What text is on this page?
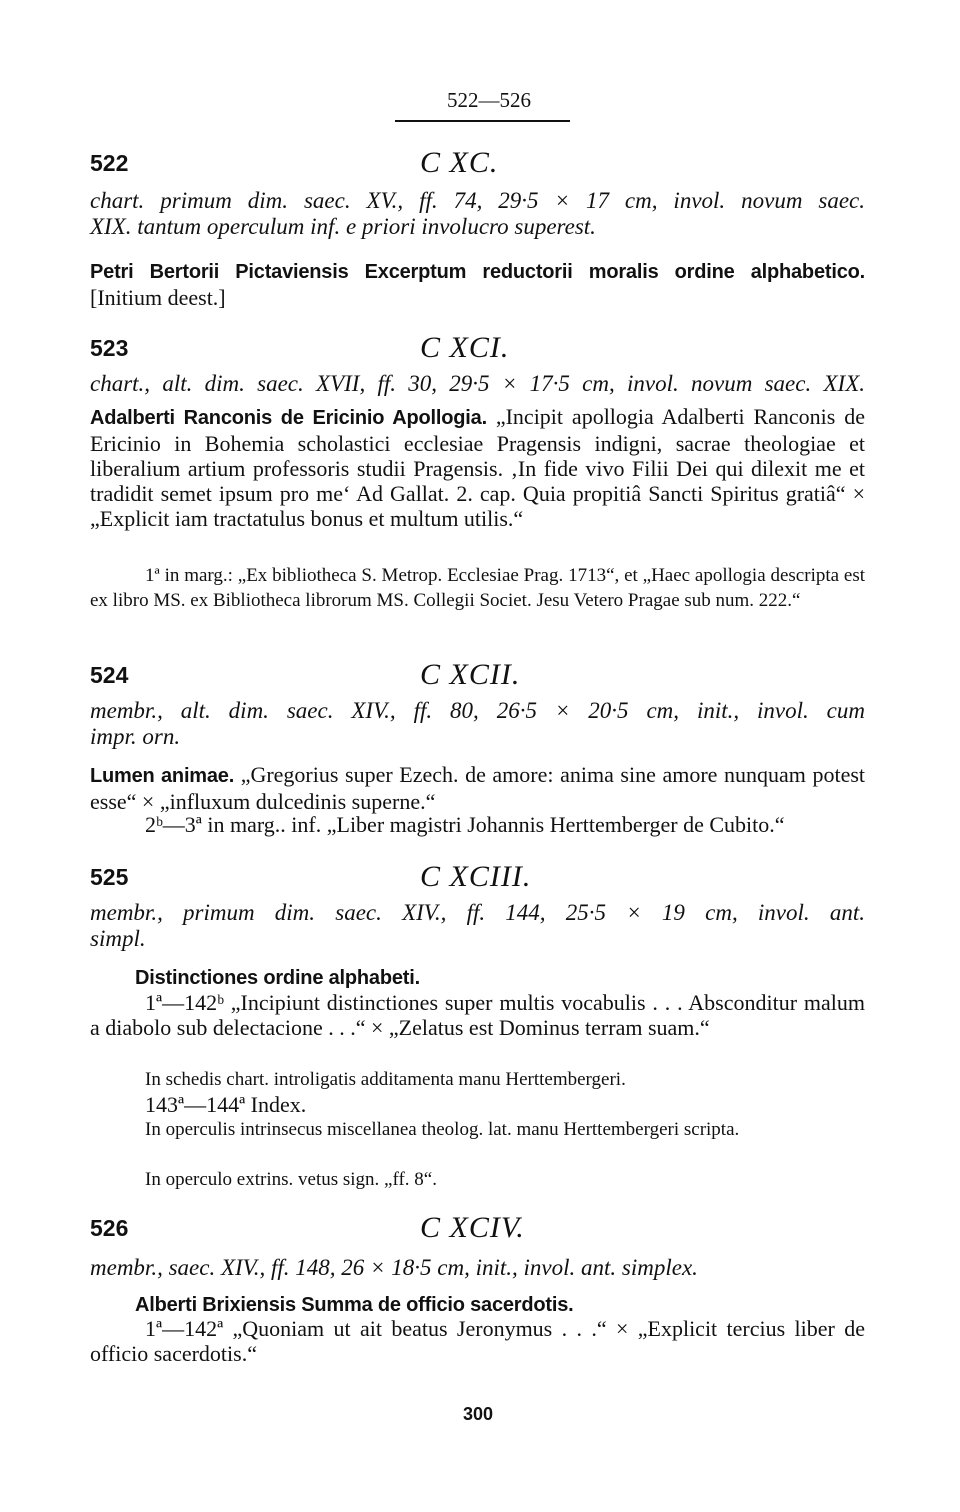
522—526
522	C XC.
chart. primum dim. saec. XV., ff. 74, 29·5 × 17 cm, invol. novum saec.
XIX. tantum operculum inf. e priori involucro superest.
Petri Bertorii Pictaviensis Excerptum reductorii moralis ordine alphabetico. [Initium deest.]
523	C XCI.
chart., alt. dim. saec. XVII, ff. 30, 29·5 × 17·5 cm, invol. novum saec. XIX.
Adalberti Ranconis de Ericinio Apollogia. „Incipit apollogia Adalberti Ranconis de Ericinio in Bohemia scholastici ecclesiae Pragensis indigni, sacrae theologiae et liberalium artium professoris studii Pragensis. ‚In fide vivo Filii Dei qui dilexit me et tradidit semet ipsum pro me‘ Ad Gallat. 2. cap. Quia propitiâ Sancti Spiritus gratiâ“ × „Explicit iam tractatulus bonus et multum utilis.“
1ª in marg.: „Ex bibliotheca S. Metrop. Ecclesiae Prag. 1713“, et „Haec apollogia descripta est ex libro MS. ex Bibliotheca librorum MS. Collegii Societ. Jesu Vetero Pragae sub num. 222.“
524	C XCII.
membr., alt. dim. saec. XIV., ff. 80, 26·5 × 20·5 cm, init., invol. cum
impr. orn.
Lumen animae. „Gregorius super Ezech. de amore: anima sine amore nunquam potest esse“ × „influxum dulcedinis superne.“
2ᵇ—3ª in marg.. inf. „Liber magistri Johannis Herttemberger de Cubito.“
525	C XCIII.
membr., primum dim. saec. XIV., ff. 144, 25·5 × 19 cm, invol. ant.
simpl.
Distinctiones ordine alphabeti.
1ª—142ᵇ „Incipiunt distinctiones super multis vocabulis . . . Absconditur malum a diabolo sub delectacione . . .“ × „Zelatus est Dominus terram suam.“
In schedis chart. introligatis additamenta manu Herttembergeri.
143ª—144ª Index.
In operculis intrinsecus miscellanea theolog. lat. manu Herttembergeri scripta.
In operculo extrins. vetus sign. „ff. 8“.
526	C XCIV.
membr., saec. XIV., ff. 148, 26 × 18·5 cm, init., invol. ant. simplex.
Alberti Brixiensis Summa de officio sacerdotis.
1ª—142ª „Quoniam ut ait beatus Jeronymus . . .“ × „Explicit tercius liber de officio sacerdotis.“
300
